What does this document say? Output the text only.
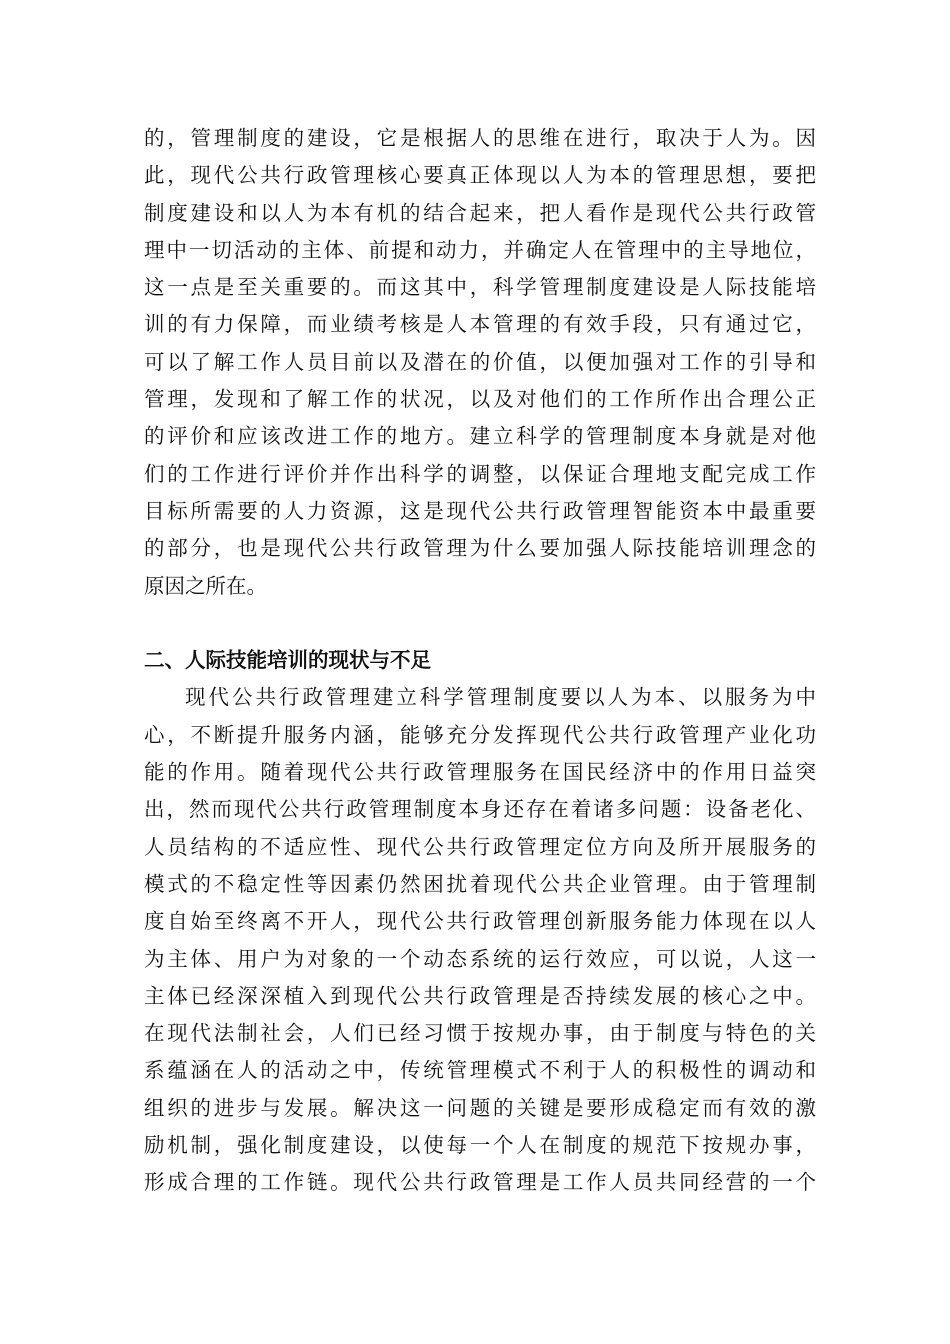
的，管理制度的建设，它是根据人的思维在进行，取决于人为。因
此，现代公共行政管理核心要真正体现以人为本的管理思想，要把
制度建设和以人为本有机的结合起来，把人看作是现代公共行政管
理中一切活动的主体、前提和动力，并确定人在管理中的主导地位，
这一点是至关重要的。而这其中，科学管理制度建设是人际技能培
训的有力保障，而业绩考核是人本管理的有效手段，只有通过它，
可以了解工作人员目前以及潜在的价值，以便加强对工作的引导和
管理，发现和了解工作的状况，以及对他们的工作所作出合理公正
的评价和应该改进工作的地方。建立科学的管理制度本身就是对他
们的工作进行评价并作出科学的调整，以保证合理地支配完成工作
目标所需要的人力资源，这是现代公共行政管理智能资本中最重要
的部分，也是现代公共行政管理为什么要加强人际技能培训理念的
原因之所在。
二、人际技能培训的现状与不足
现代公共行政管理建立科学管理制度要以人为本、以服务为中
心，不断提升服务内涵，能够充分发挥现代公共行政管理产业化功
能的作用。随着现代公共行政管理服务在国民经济中的作用日益突
出，然而现代公共行政管理制度本身还存在着诸多问题：设备老化、
人员结构的不适应性、现代公共行政管理定位方向及所开展服务的
模式的不稳定性等因素仍然困扰着现代公共企业管理。由于管理制
度自始至终离不开人，现代公共行政管理创新服务能力体现在以人
为主体、用户为对象的一个动态系统的运行效应，可以说，人这一
主体已经深深植入到现代公共行政管理是否持续发展的核心之中。
在现代法制社会，人们已经习惯于按规办事，由于制度与特色的关
系蕴涵在人的活动之中，传统管理模式不利于人的积极性的调动和
组织的进步与发展。解决这一问题的关键是要形成稳定而有效的激
励机制，强化制度建设，以使每一个人在制度的规范下按规办事，
形成合理的工作链。现代公共行政管理是工作人员共同经营的一个
